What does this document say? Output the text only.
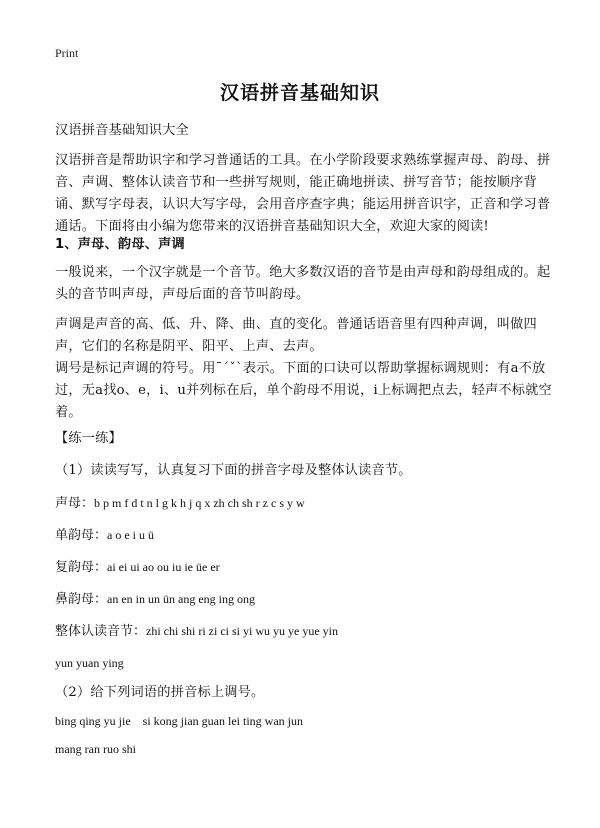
Print
汉语拼音基础知识
汉语拼音基础知识大全
汉语拼音是帮助识字和学习普通话的工具。在小学阶段要求熟练掌握声母、韵母、拼音、声调、整体认读音节和一些拼写规则，能正确地拼读、拼写音节；能按顺序背诵、默写字母表，认识大写字母，会用音序查字典；能运用拼音识字，正音和学习普通话。下面将由小编为您带来的汉语拼音基础知识大全，欢迎大家的阅读!
1、声母、韵母、声调
一般说来，一个汉字就是一个音节。绝大多数汉语的音节是由声母和韵母组成的。起头的音节叫声母，声母后面的音节叫韵母。
声调是声音的高、低、升、降、曲、直的变化。普通话语音里有四种声调，叫做四声，它们的名称是阴平、阳平、上声、去声。
调号是标记声调的符号。用ˉˊˇˋ表示。下面的口诀可以帮助掌握标调规则：有a不放过，无a找o、e，i、u并列标在后，单个韵母不用说，i上标调把点去，轻声不标就空着。
【练一练】
（1）读读写写，认真复习下面的拼音字母及整体认读音节。
声母：b p m f d t n l g k h j q x zh ch sh r z c s y w
单韵母：a o e i u ü
复韵母：ai ei ui ao ou iu ie üe er
鼻韵母：an en in un ün ang eng ing ong
整体认读音节：zhi chi shi ri zi ci si yi wu yu ye yue yin
yun yuan ying
（2）给下列词语的拼音标上调号。
bing qing yu jie    si kong jian guan lei ting wan jun
mang ran ruo shi
